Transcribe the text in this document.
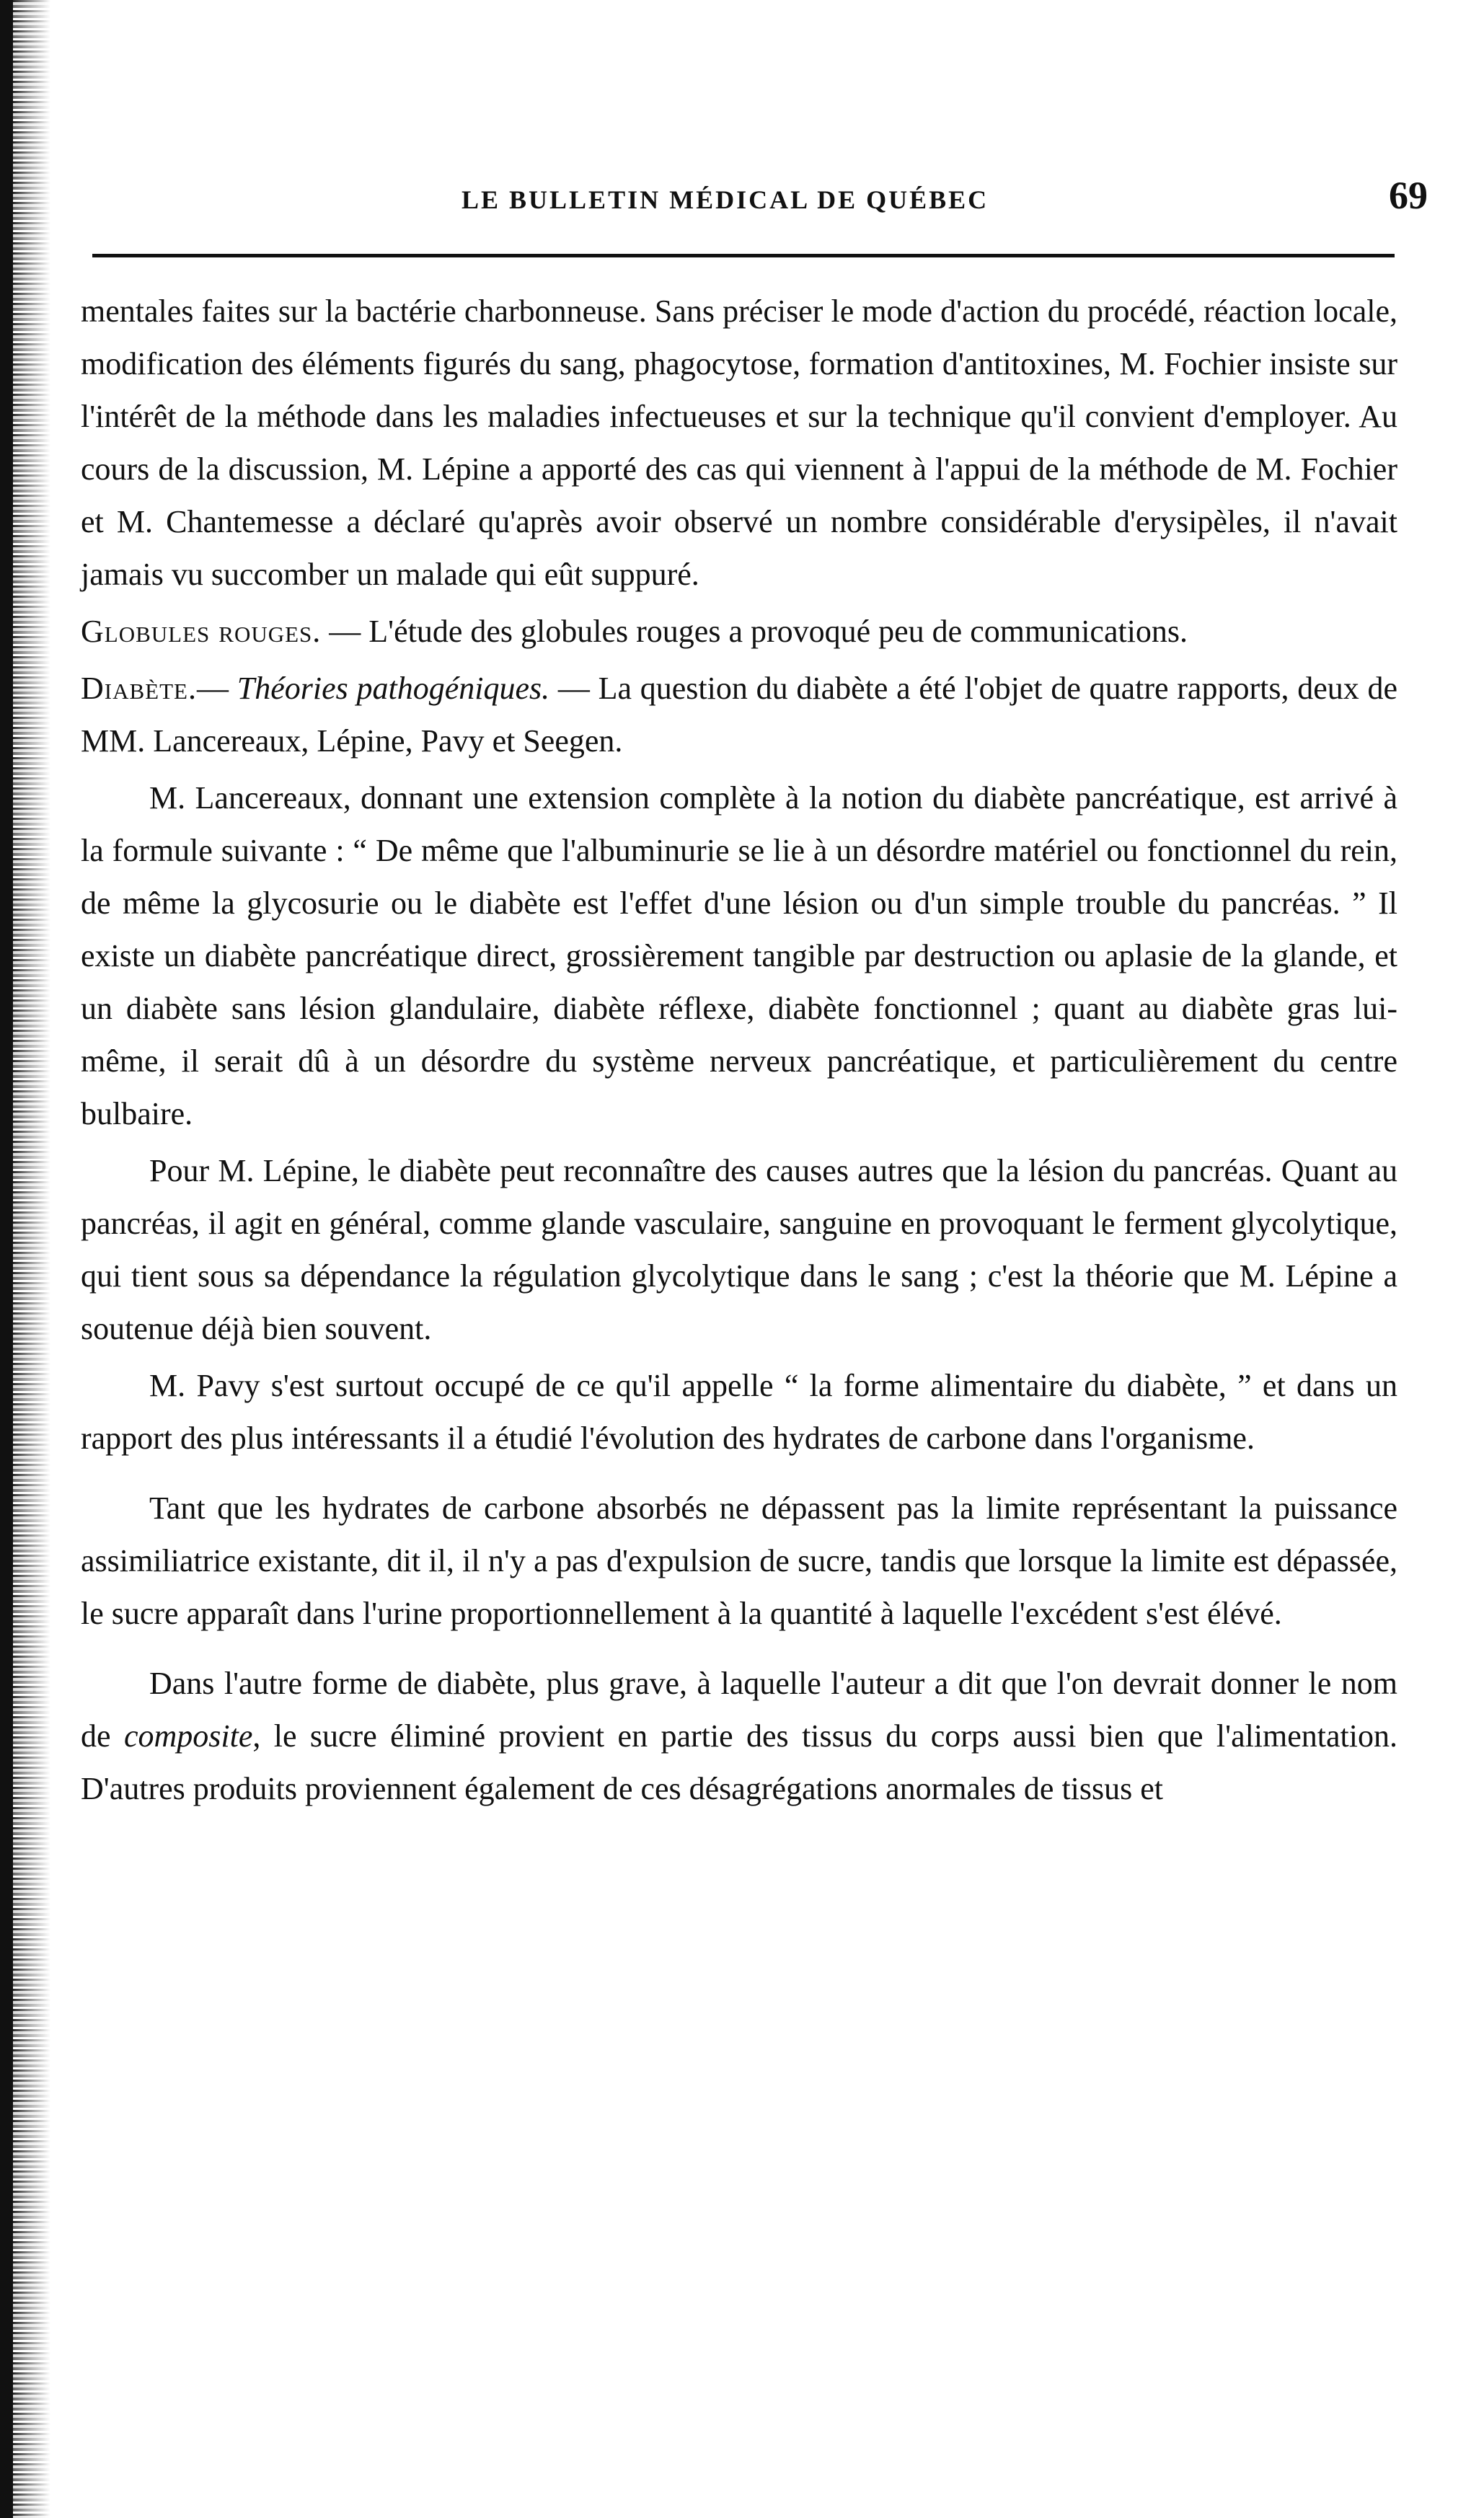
LE BULLETIN MÉDICAL DE QUÉBEC	69

mentales faites sur la bactérie charbonneuse. Sans préciser le mode d'action du procédé, réaction locale, modification des éléments figurés du sang, phagocytose, formation d'antitoxines, M. Fochier insiste sur l'intérêt de la méthode dans les maladies infectueuses et sur la technique qu'il convient d'employer. Au cours de la discussion, M. Lépine a apporté des cas qui viennent à l'appui de la méthode de M. Fochier et M. Chantemesse a déclaré qu'après avoir observé un nombre considérable d'erysipèles, il n'avait jamais vu succomber un malade qui eût suppuré.

Globules rouges. — L'étude des globules rouges a provoqué peu de communications.

Diabète.— Théories pathogéniques. — La question du diabète a été l'objet de quatre rapports, deux de MM. Lancereaux, Lépine, Pavy et Seegen.

M. Lancereaux, donnant une extension complète à la notion du diabète pancréatique, est arrivé à la formule suivante : “ De même que l'albuminurie se lie à un désordre matériel ou fonctionnel du rein, de même la glycosurie ou le diabète est l'effet d'une lésion ou d'un simple trouble du pancréas. ” Il existe un diabète pancréatique direct, grossièrement tangible par destruction ou aplasie de la glande, et un diabète sans lésion glandulaire, diabète réflexe, diabète fonctionnel ; quant au diabète gras lui-même, il serait dû à un désordre du système nerveux pancréatique, et particulièrement du centre bulbaire.

Pour M. Lépine, le diabète peut reconnaître des causes autres que la lésion du pancréas. Quant au pancréas, il agit en général, comme glande vasculaire, sanguine en provoquant le ferment glycolytique, qui tient sous sa dépendance la régulation glycolytique dans le sang ; c'est la théorie que M. Lépine a soutenue déjà bien souvent.

M. Pavy s'est surtout occupé de ce qu'il appelle “ la forme alimentaire du diabète, ” et dans un rapport des plus intéressants il a étudié l'évolution des hydrates de carbone dans l'organisme.

Tant que les hydrates de carbone absorbés ne dépassent pas la limite représentant la puissance assimiliatrice existante, dit il, il n'y a pas d'expulsion de sucre, tandis que lorsque la limite est dépassée, le sucre apparaît dans l'urine proportionnellement à la quantité à laquelle l'excédent s'est élévé.

Dans l'autre forme de diabète, plus grave, à laquelle l'auteur a dit que l'on devrait donner le nom de composite, le sucre éliminé provient en partie des tissus du corps aussi bien que l'alimentation. D'autres produits proviennent également de ces désagrégations anormales de tissus et
